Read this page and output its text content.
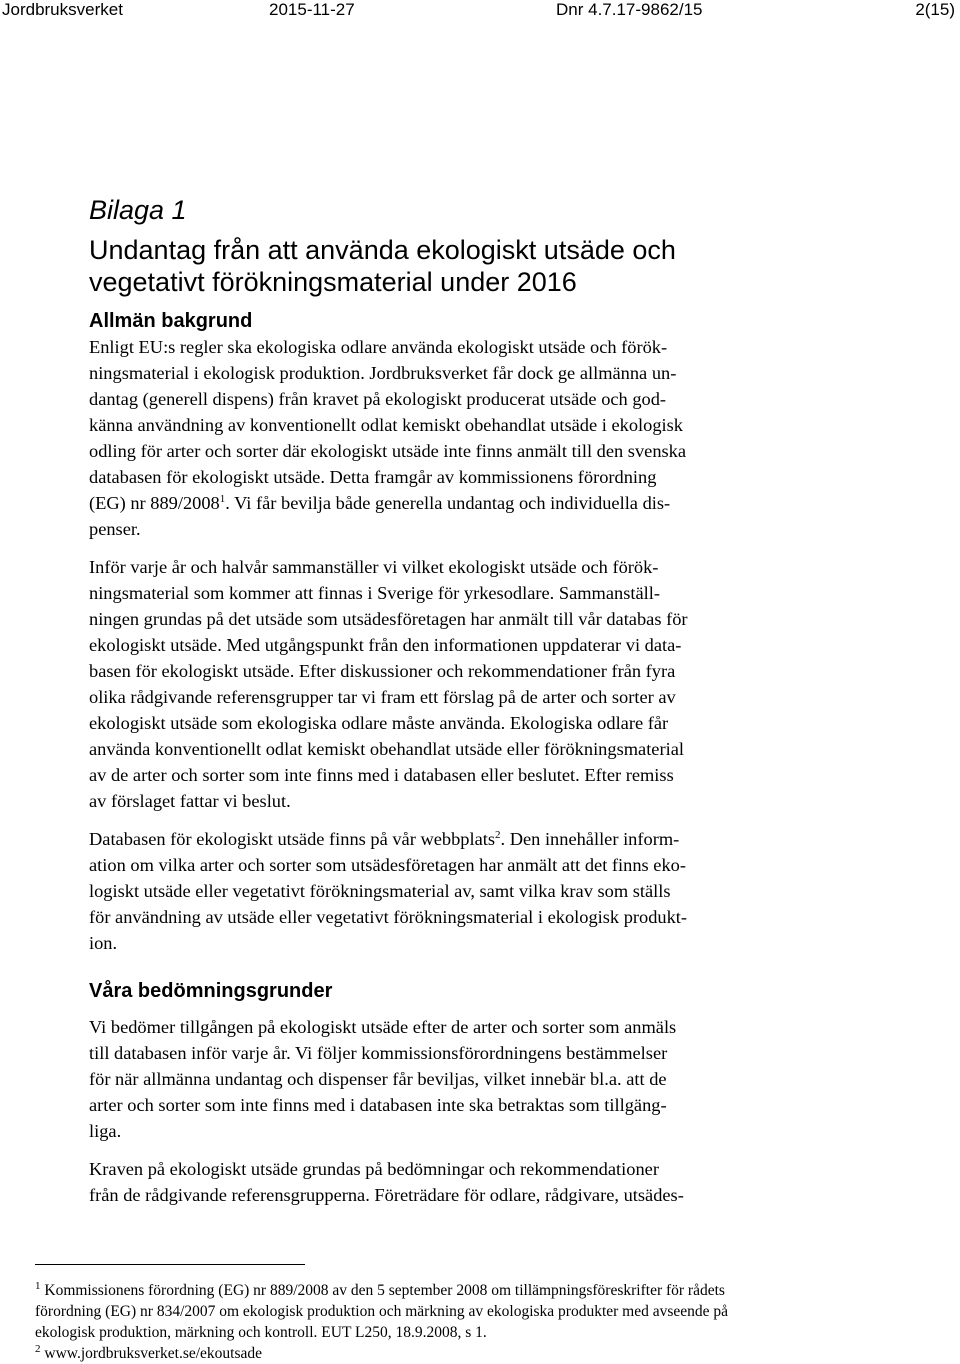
Jordbruksverket	2015-11-27	Dnr 4.7.17-9862/15	2(15)

Bilaga 1

Undantag från att använda ekologiskt utsäde och
vegetativt förökningsmaterial under 2016
Allmän bakgrund

Enligt EU:s regler ska ekologiska odlare använda ekologiskt utsäde och förök-
ningsmaterial i ekologisk produktion. Jordbruksverket får dock ge allmänna un-
dantag (generell dispens) från kravet på ekologiskt producerat utsäde och god-
känna användning av konventionellt odlat kemiskt obehandlat utsäde i ekologisk
odling för arter och sorter där ekologiskt utsäde inte finns anmält till den svenska
databasen för ekologiskt utsäde. Detta framgår av kommissionens förordning
(EG) nr 889/2008$^1$. Vi får bevilja både generella undantag och individuella dis-
penser.

Inför varje år och halvår sammanställer vi vilket ekologiskt utsäde och förök-
ningsmaterial som kommer att finnas i Sverige för yrkesodlare. Sammanställ-
ningen grundas på det utsäde som utsädesföretagen har anmält till vår databas för
ekologiskt utsäde. Med utgångspunkt från den informationen uppdaterar vi data-
basen för ekologiskt utsäde. Efter diskussioner och rekommendationer från fyra
olika rådgivande referensgrupper tar vi fram ett förslag på de arter och sorter av
ekologiskt utsäde som ekologiska odlare måste använda. Ekologiska odlare får
använda konventionellt odlat kemiskt obehandlat utsäde eller förökningsmaterial
av de arter och sorter som inte finns med i databasen eller beslutet. Efter remiss
av förslaget fattar vi beslut.

Databasen för ekologiskt utsäde finns på vår webbplats$^2$. Den innehåller inform-
ation om vilka arter och sorter som utsädesföretagen har anmält att det finns eko-
logiskt utsäde eller vegetativt förökningsmaterial av, samt vilka krav som ställs
för användning av utsäde eller vegetativt förökningsmaterial i ekologisk produkt-
ion.

Våra bedömningsgrunder

Vi bedömer tillgången på ekologiskt utsäde efter de arter och sorter som anmäls
till databasen inför varje år. Vi följer kommissionsförordningens bestämmelser
för när allmänna undantag och dispenser får beviljas, vilket innebär bl.a. att de
arter och sorter som inte finns med i databasen inte ska betraktas som tillgäng-
liga.

Kraven på ekologiskt utsäde grundas på bedömningar och rekommendationer
från de rådgivande referensgrupperna. Företrädare för odlare, rådgivare, utsädes-

$^1$ Kommissionens förordning (EG) nr 889/2008 av den 5 september 2008 om tillämpningsföreskrifter för rådets
förordning (EG) nr 834/2007 om ekologisk produktion och märkning av ekologiska produkter med avseende på
ekologisk produktion, märkning och kontroll. EUT L250, 18.9.2008, s 1.
$^2$ www.jordbruksverket.se/ekoutsade
